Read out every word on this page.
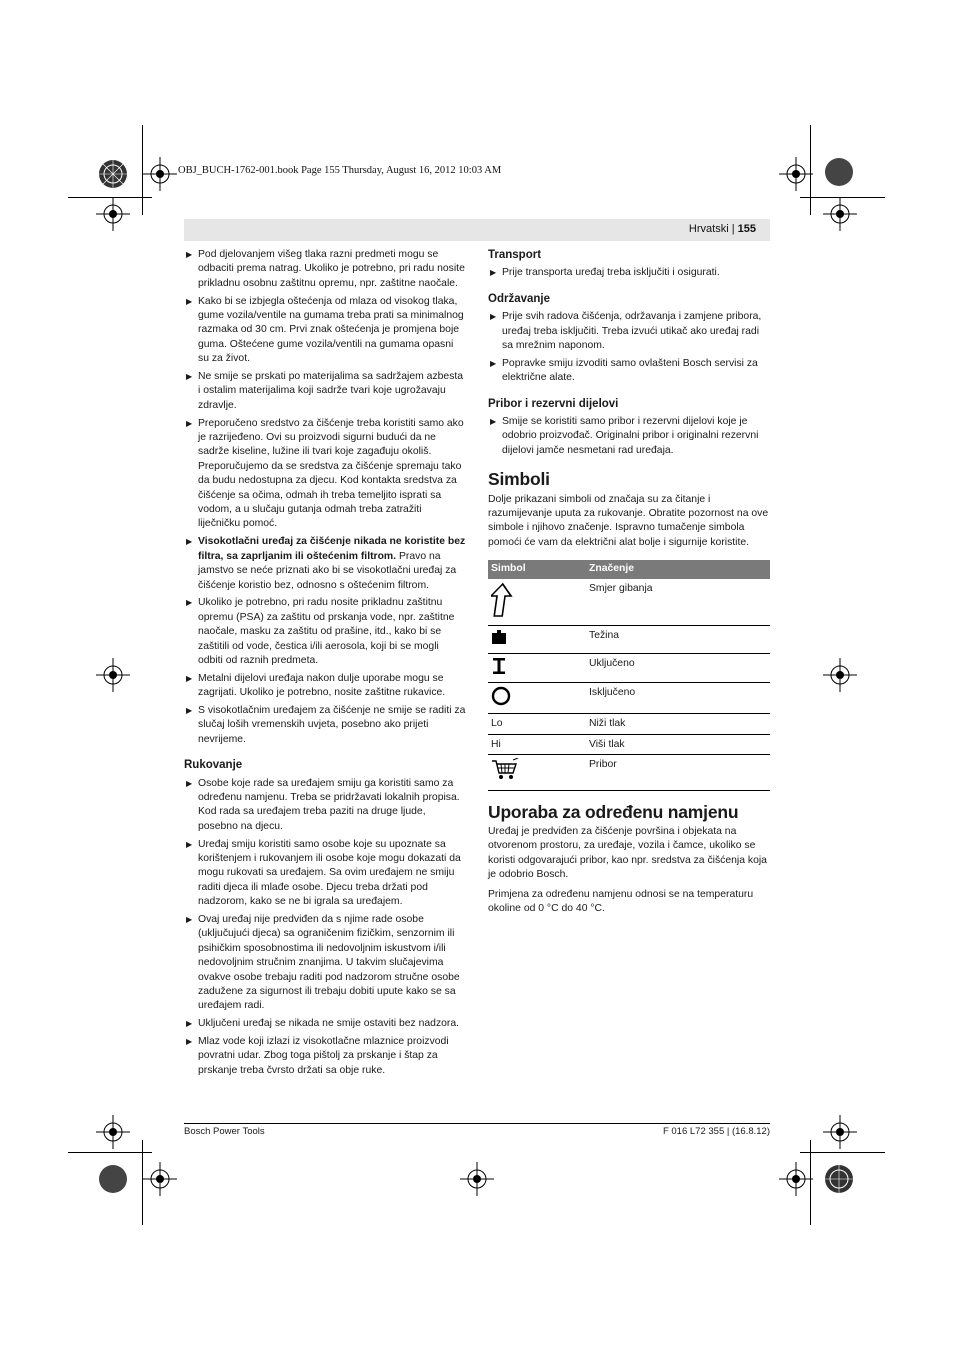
OBJ_BUCH-1762-001.book Page 155 Thursday, August 16, 2012 10:03 AM
Hrvatski | 155
▶ Pod djelovanjem višeg tlaka razni predmeti mogu se odbaciti prema natrag. Ukoliko je potrebno, pri radu nosite prikladnu osobnu zaštitnu opremu, npr. zaštitne naočale.
▶ Kako bi se izbjegla oštećenja od mlaza od visokog tlaka, gume vozila/ventile na gumama treba prati sa minimalnog razmaka od 30 cm. Prvi znak oštećenja je promjena boje guma. Oštećene gume vozila/ventili na gumama opasni su za život.
▶ Ne smije se prskati po materijalima sa sadržajem azbesta i ostalim materijalima koji sadrže tvari koje ugrožavaju zdravlje.
▶ Preporučeno sredstvo za čišćenje treba koristiti samo ako je razrijeđeno. Ovi su proizvodi sigurni budući da ne sadrže kiseline, lužine ili tvari koje zagađuju okoliš. Preporučujemo da se sredstva za čišćenje spremaju tako da budu nedostupna za djecu. Kod kontakta sredstva za čišćenje sa očima, odmah ih treba temeljito isprati sa vodom, a u slučaju gutanja odmah treba zatražiti liječničku pomoć.
▶ Visokotlačni uređaj za čišćenje nikada ne koristite bez filtra, sa zaprljanim ili oštećenim filtrom. Pravo na jamstvo se neće priznati ako bi se visokotlačni uređaj za čišćenje koristio bez, odnosno s oštećenim filtrom.
▶ Ukoliko je potrebno, pri radu nosite prikladnu zaštitnu opremu (PSA) za zaštitu od prskanja vode, npr. zaštitne naočale, masku za zaštitu od prašine, itd., kako bi se zaštitili od vode, čestica i/ili aerosola, koji bi se mogli odbiti od raznih predmeta.
▶ Metalni dijelovi uređaja nakon dulje uporabe mogu se zagrijati. Ukoliko je potrebno, nosite zaštitne rukavice.
▶ S visokotlačnim uređajem za čišćenje ne smije se raditi za slučaj loših vremenskih uvjeta, posebno ako prijeti nevrijeme.
Rukovanje
▶ Osobe koje rade sa uređajem smiju ga koristiti samo za određenu namjenu. Treba se pridržavati lokalnih propisa. Kod rada sa uređajem treba paziti na druge ljude, posebno na djecu.
▶ Uređaj smiju koristiti samo osobe koje su upoznate sa korištenjem i rukovanjem ili osobe koje mogu dokazati da mogu rukovati sa uređajem. Sa ovim uređajem ne smiju raditi djeca ili mlađe osobe. Djecu treba držati pod nadzorom, kako se ne bi igrala sa uređajem.
▶ Ovaj uređaj nije predviđen da s njime rade osobe (uključujući djeca) sa ograničenim fizičkim, senzornim ili psihičkim sposobnostima ili nedovoljnim iskustvom i/ili nedovoljnim stručnim znanjima. U takvim slučajevima ovakve osobe trebaju raditi pod nadzorom stručne osobe zadužene za sigurnost ili trebaju dobiti upute kako se sa uređajem radi.
▶ Uključeni uređaj se nikada ne smije ostaviti bez nadzora.
▶ Mlaz vode koji izlazi iz visokotlačne mlaznice proizvodi povratni udar. Zbog toga pištolj za prskanje i štap za prskanje treba čvrsto držati sa obje ruke.
Transport
▶ Prije transporta uređaj treba isključiti i osigurati.
Održavanje
▶ Prije svih radova čišćenja, održavanja i zamjene pribora, uređaj treba isključiti. Treba izvući utikač ako uređaj radi sa mrežnim naponom.
▶ Popravke smiju izvoditi samo ovlašteni Bosch servisi za električne alate.
Pribor i rezervni dijelovi
▶ Smije se koristiti samo pribor i rezervni dijelovi koje je odobrio proizvođač. Originalni pribor i originalni rezervni dijelovi jamče nesmetani rad uređaja.
Simboli

Dolje prikazani simboli od značaja su za čitanje i razumijevanje uputa za rukovanje. Obratite pozornost na ove simbole i njihovo značenje. Ispravno tumačenje simbola pomoći će vam da električni alat bolje i sigurnije koristite.

Simbol	Značenje
	Smjer gibanja
	Težina
	Uključeno
	Isključeno
Lo	Niži tlak
Hi	Viši tlak
	Pribor
Uporaba za određenu namjenu

Uređaj je predviđen za čišćenje površina i objekata na otvorenom prostoru, za uređaje, vozila i čamce, ukoliko se koristi odgovarajući pribor, kao npr. sredstva za čišćenja koja je odobrio Bosch.

Primjena za određenu namjenu odnosi se na temperaturu okoline od 0 °C do 40 °C.

Bosch Power Tools	F 016 L72 355 | (16.8.12)
